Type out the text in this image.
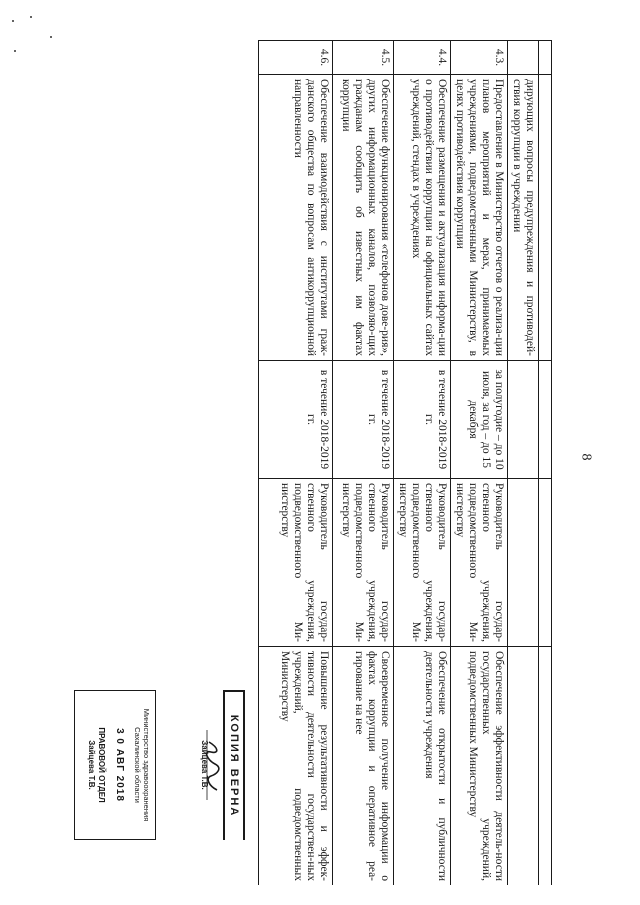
8

	дирующих вопросы предупреждения и противодей-ствия коррупции в учреждении			
4.3.	Предоставление в Министерство отчетов о реализа-ции планов мероприятий и мерах, принимаемых учреждениями, подведомственными Министерству, в целях противодействия коррупции	за полугодие – до 10 июля, за год – до 15 декабря	Руководитель государ-ственного учреждения, подведомственного Ми-нистерству	Обеспечение эффективности деятель-ности государственных учреждений, подведомственных Министерству
4.4.	Обеспечение размещения и актуализация информа-ции о противодействии коррупции на официальных сайтах учреждений, стендах в учреждениях	в течение 2018-2019 гг.	Руководитель государ-ственного учреждения, подведомственного Ми-нистерству	Обеспечение открытости и публичности деятельности учреждения
4.5.	Обеспечение функционирования «телефонов дове-рия», других информационных каналов, позволяю-щих гражданам сообщить об известных им фактах коррупции	в течение 2018-2019 гг.	Руководитель государ-ственного учреждения, подведомственного Ми-нистерству	Своевременное получение информации о фактах коррупции и оперативное реа-гирование на нее
4.6.	Обеспечение взаимодействия с институтами граж-данского общества по вопросам антикоррупционной направленности	в течение 2018-2019 гг.	Руководитель государ-ственного учреждения, подведомственного Ми-нистерству	Повышение результативности и эффек-тивности деятельности государствен-ных учреждений, подведомственных Министерству
КОПИЯ ВЕРНА
Зайцева Т.В.
Министерство здравоохранения
Сахалинской области
3 0 АВГ 2018
ПРАВОВОЙ ОТДЕЛ
Зайцева Т.В.
